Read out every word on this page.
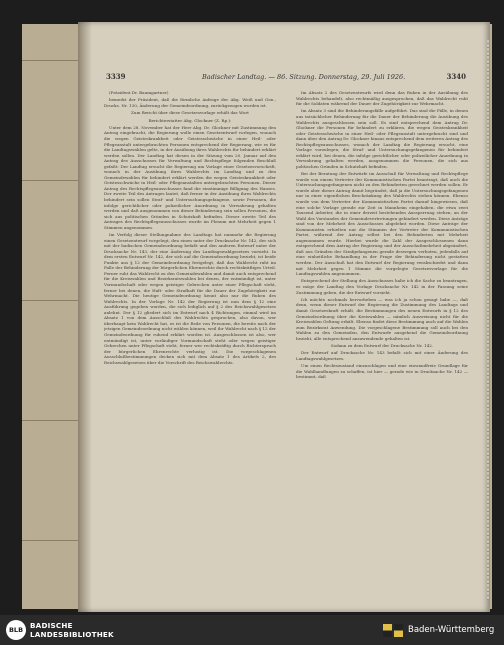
3339	Badischer Landtag. — 86. Sitzung. Donnerstag, 29. Juli 1926.	3340

(Präsident Dr. Baumgartner)

bemerkt der Präsident, daß die förmliche Anfrage der Abg. Weiß und Gen., Drucks. Nr. 130, Änderung der Gemeindeordnung, zurückgezogen worden ist.

Zum Bericht über diese Gesetzesvorlage erhält das Wort

Berichterstatter Abg. Glockner (Z. Rp.):

Unter dem 28. November hat der Herr Abg. Dr. Glockner mit Zustimmung den Antrag eingebracht, die Regierung wolle einen Gesetzentwurf vorlegen, wonach die wegen Geisteskrankheit oder Geistesschwäche in einer Heil- oder Pflegeanstalt untergebrachten Personen entsprechend der Regierung, wie es für die Landtagswahlen gelte, in der Ausübung ihres Wahlrechts für behindert erklärt werden sollen. Der Landtag hat diesen in der Sitzung vom 20. Januar auf den Antrag des Ausschusses für Verwaltung und Rechtspflege folgenden Beschluß gefaßt: Der Landtag ersucht die Regierung um Vorlage einer Gesetzesvorschrift, wonach in der Ausübung ihres Wahlrechts im Landtag und zu den Gemeindewahlen für behindert erklärt werden die wegen Geisteskrankheit oder Geistesschwäche in Heil- oder Pflegeanstalten untergebrachten Personen. Dieser Antrag des Rechtspflegeausschusses fand die einstimmige Billigung des Hauses. Der zweite Teil des Antrages lautet, daß ferner in der Ausübung ihres Wahlrechts behindert sein sollen Straf- und Untersuchungsgefangene, sowie Personen, die infolge gerichtlicher oder polizeilicher Anordnung in Verwahrung gehalten werden und daß ausgenommen von dieser Behinderung sein sollen Personen, die sich aus politischen Gründen in Schutzhaft befinden. Dieser zweite Teil des Antrages des Rechtspflegeausschusses wurde im Plenum mit Mehrheit gegen 1 Stimmen angenommen.

Im Verfolg dieser Stellungnahme des Landtags hat nunmehr die Regierung einen Gesetzentwurf vorgelegt, den einen unter der Drucksache Nr. 142, der sich mit der badischen Gemeindeordnung befaßt und den anderen Entwurf unter der Drucksache Nr. 143, der eine Änderung des Landtagswahlgesetzes vorsieht. In dem ersten Entwurf Nr. 142, der sich auf die Gemeindeordnung bezieht, ist beide Punkte aus § 12 der Gemeindeordnung festgelegt, daß das Wahlrecht ruht im Falle der Behinderung der bürgerlichen Ehrenrechte durch rechtskräftiges Urteil. Ferner ruht das Wahlrecht zu den Gemeindewahlen und damit auch entsprechend für die Kreiswahlen und Bezirksratswahlen bei denen, der entmündigt ist, unter Vormundschaft oder wegen geistiger Gebrechen unter einer Pflegschaft steht, ferner bei denen, die Haft- oder Strafhaft für die Dauer der Zugehörigkeit zur Wehrmacht. Die heutige Gemeindeordnung kennt also nur die Ruhen des Wahlrechts. In der Vorlage Nr. 142 der Regierung ist nun dem § 12 eine Ausführung gegeben worden, die sich lediglich auf § 2 des Reichswahlgesetzes anlehnt. Der § 12 gliedert sich im Entwurf nach 4 Richtungen, einmal wird im Absatz 1 von dem Ausschluß des Wahlrechts gesprochen, also davon, wer überhaupt kein Wahlrecht hat, es ist die Rede von Personen, die bereits nach der jetzigen Gemeindeordnung nicht wählen können, weil ihr Wahlrecht nach § 12 der Gemeindeordnung für ruhend erklärt worden ist. Ausgeschlossen ist also, wer entmündigt ist, unter vorläufiger Vormundschaft steht oder wegen geistiger Gebrechen unter Pflegschaft steht, ferner wer rechtskräftig durch Richterspruch der bürgerlichen Ehrenrechte verlustig ist. Die vorgeschlagenen Ausschlußbestimmungen decken sich mit dem Absatz 1 des Artikels 2, des Reichswahlgesetzes über die Vorschrift des Reichswahlrechts.

Im Absatz 2 des Gesetzentwurfs wird denn das Ruhen in der Ausübung des Wahlrechts behandelt, also rechtmäßig ausgesprochen, daß das Wahlrecht ruht für die Soldaten während der Dauer der Zugehörigkeit zur Wehrmacht.

Im Absatz 3 sind die Behinderungsfälle aufgeführt. Das sind die Fälle, in denen aus tatsächlicher Behinderung für die Dauer der Behinderung die Ausübung des Wahlrechts ausgeschlossen sein soll. Es sind entsprechend dem Antrag Dr. Glockner die Personen für behindert zu erklären, die wegen Geisteskrankheit oder Geistesschwäche in einer Heil- oder Pflegeanstalt untergebracht sind und dann über den Antrag Dr. Glockner hinaus entsprechend dem weiteren Antrag des Rechtspflegeausschusses, wonach der Landtag die Regierung ersucht, eine Vorlage vorzulegen, die Straf- und Untersuchungsgefangenen für behindert erklärt wird, bei denen, die infolge gerichtlicher oder polizeilicher Anordnung in Verwahrung gehalten werden, ausgenommen die Personen, die sich aus politischen Gründen in Schutzhaft befinden.

Bei der Beratung der Entwürfe im Ausschuß für Verwaltung und Rechtspflege wurde von einem Vertreter der Kommunistischen Partei beantragt, daß auch die Untersuchungsgefangenen nicht zu den Behinderten gerechnet werden sollen. Er wurde aber dieser Antrag damit begründet, daß ja die Untersuchungsgefangenen nur in einer eigentlichen Beschränkung des Wahlrechts stehen können. Ebenso wurde von dem Vertreter der Kommunistischen Partei darauf hingewiesen, daß eine solche Vorlage gerade zur Zeit in Mannheim eingehaben, die etwa zwei Tausend Arbeiter, die in einer derzeit bestehenden Aussperrung stehen, an der Wahl des Vorstandes der Gemeindevertretungen gehindert werden. Diese Anträge sind von der Mehrheit des Ausschusses abgelehnt worden. Diese Anträge der Kommunisten erhielten nur die Stimmen der Vertreter der Kommunistischen Partei, während der Antrag selbst bei den Behinderten mit Mehrheit angenommen wurde. Hierbei wurde die Zahl der Ausgeschlossenen dann entsprechend dem Antrag der Regierung und der Ausschußmehrheit abgeändert, daß aus Gründen der Strafgefangenen gerade deswegen verboten, jedenfalls auf eine einheitliche Behandlung in der Frage der Behinderung nicht gestatten werden. Der Ausschuß hat den Entwurf der Regierung verabschiedet und dann mit Mehrheit gegen 1 Stimme die vorgelegte Gesetzesvorlage für die Landtagswahlen angenommen.

Entsprechend der Stellung des Ausschusses halte ich die Sache zu beantragen, es möge der Landtag den Vorlage Drucksache Nr. 142 in der Fassung seine Zustimmung geben, die der Entwurf vorsieht.

Ich möchte nochmals hervorheben — was ich ja schon gesagt habe —, daß denn, wenn dieser Entwurf der Regierung die Zustimmung des Landtags und damit Gesetzeskraft erhält, die Bestimmungen des neuen Entwurfs in § 12 des Gemeindeordnung über die Kreiswahlen — nämlich Ausweisung nicht für die Kreiswahlen Geltung erhält. Ebenso findet diese Bestimmung auch auf die Wahlen zum Bezirksrat Anwendung. Die vorgeschlagene Bestimmung soll auch bei den Wahlen zu den Gemeinden, den Entwurfe ausgehend die Gemeindeordnung bezieht, alle entsprechend anzuwendende gehalten ist.

Sodann zu dem Entwurf der Drucksache Nr. 142.

Der Entwurf auf Drucksache Nr. 143 befaßt sich mit einer Änderung des Landtagswahlgesetzes.

Um einen Rechtszustand einzuschlagen und eine einwandfreie Grundlage für die Wahlhandlungen zu schaffen, ist hier — gerade wie in Drucksache Nr. 142 — bestimmt, daß

BLB BADISCHE
LANDESBIBLIOTHEK	Baden-Württemberg
